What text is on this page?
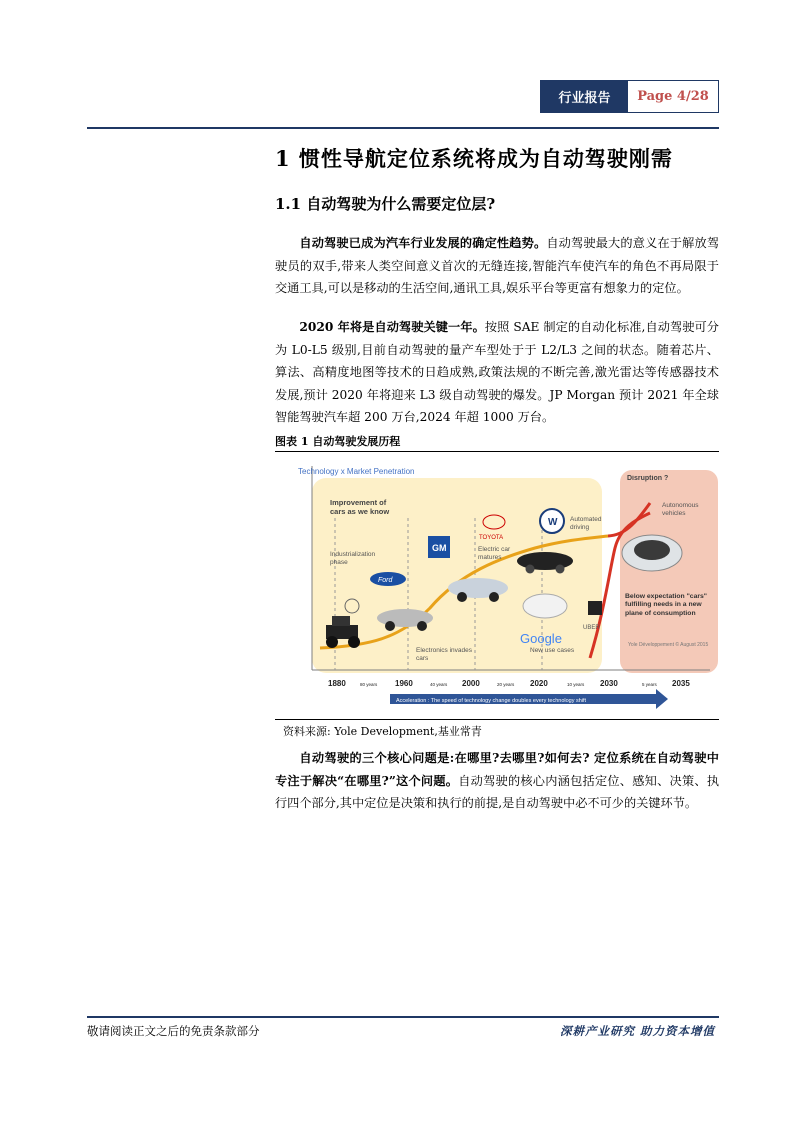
行业报告	Page 4/28
1 惯性导航定位系统将成为自动驾驶刚需
1.1 自动驾驶为什么需要定位层?

自动驾驶已成为汽车行业发展的确定性趋势。自动驾驶最大的意义在于解放驾驶员的双手,带来人类空间意义首次的无缝连接,智能汽车使汽车的角色不再局限于交通工具,可以是移动的生活空间,通讯工具,娱乐平台等更富有想象力的定位。

2020 年将是自动驾驶关键一年。按照 SAE 制定的自动化标准,自动驾驶可分为 L0-L5 级别,目前自动驾驶的量产车型处于于 L2/L3 之间的状态。随着芯片、算法、高精度地图等技术的日趋成熟,政策法规的不断完善,激光雷达等传感器技术发展,预计 2020 年将迎来 L3 级自动驾驶的爆发。JP Morgan 预计 2021 年全球智能驾驶汽车超 200 万台,2024 年超 1000 万台。

图表 1 自动驾驶发展历程
Technology x Market Penetration
GM
Ford
TOYOTA
W
Google
UBER
Improvement of cars as we know
Industrialization phase
Electronics invades cars
Electric car matures
Automated driving
New use cases
Disruption ?
Autonomous vehicles
Below expectation "cars" fulfilling needs in a new plane of consumption
Yole Développement © August 2015
1880	80 years 1960	40 years 2000	20 years 2020	10 years 2030	5 years 2035
Acceleration : The speed of technology change doubles every technology shift
资料来源: Yole Development,基业常青

自动驾驶的三个核心问题是:在哪里?去哪里?如何去? 定位系统在自动驾驶中专注于解决“在哪里?”这个问题。自动驾驶的核心内涵包括定位、感知、决策、执行四个部分,其中定位是决策和执行的前提,是自动驾驶中必不可少的关键环节。

敬请阅读正文之后的免责条款部分	深耕产业研究 助力资本增值
